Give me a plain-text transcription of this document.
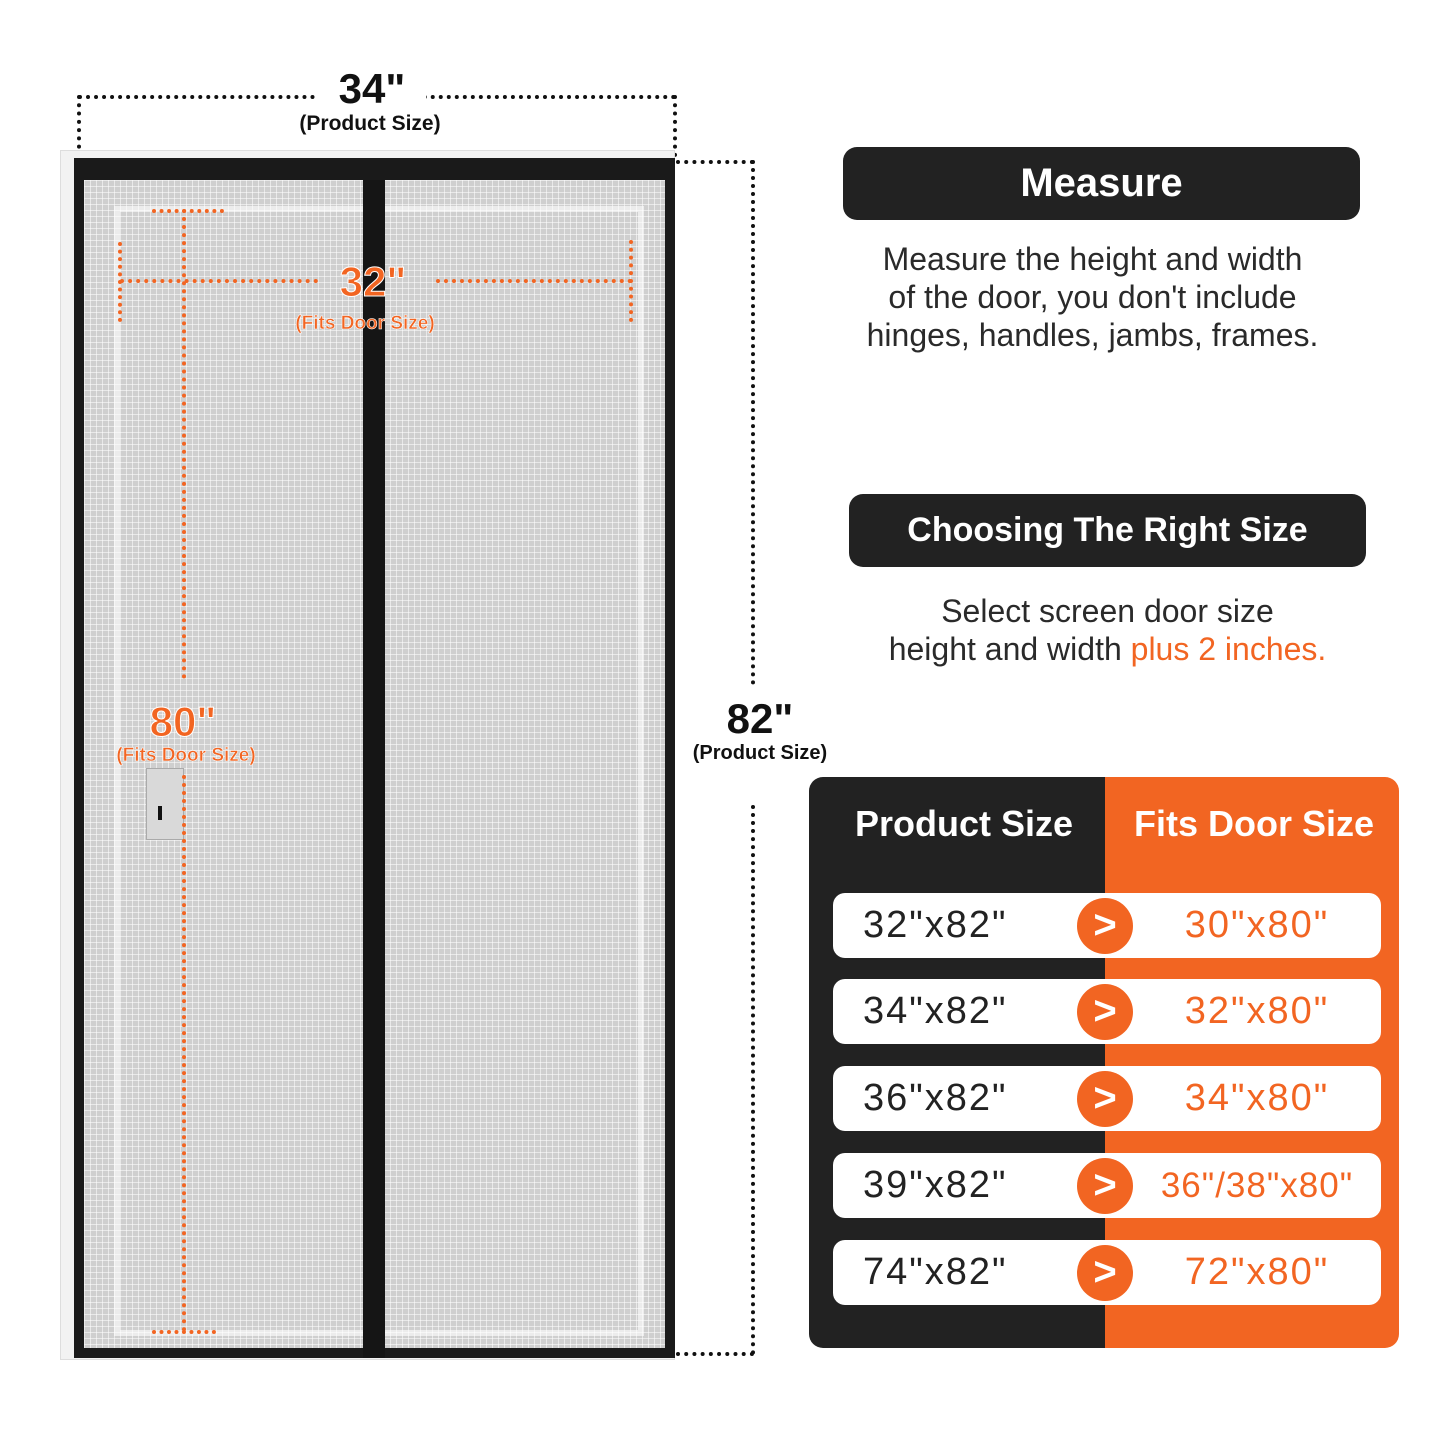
34"
(Product Size)
32"
(Fits Door Size)
80"
(Fits Door Size)
82"
(Product Size)
Measure
Measure the height and width
of the door, you don't include
hinges, handles, jambs, frames.
Choosing The Right Size
Select screen door size
height and width plus 2 inches.
Product Size	Fits Door Size
32"x82"	>	30"x80"
34"x82"	>	32"x80"
36"x82"	>	34"x80"
39"x82"	>	36"/38"x80"
74"x82"	>	72"x80"
